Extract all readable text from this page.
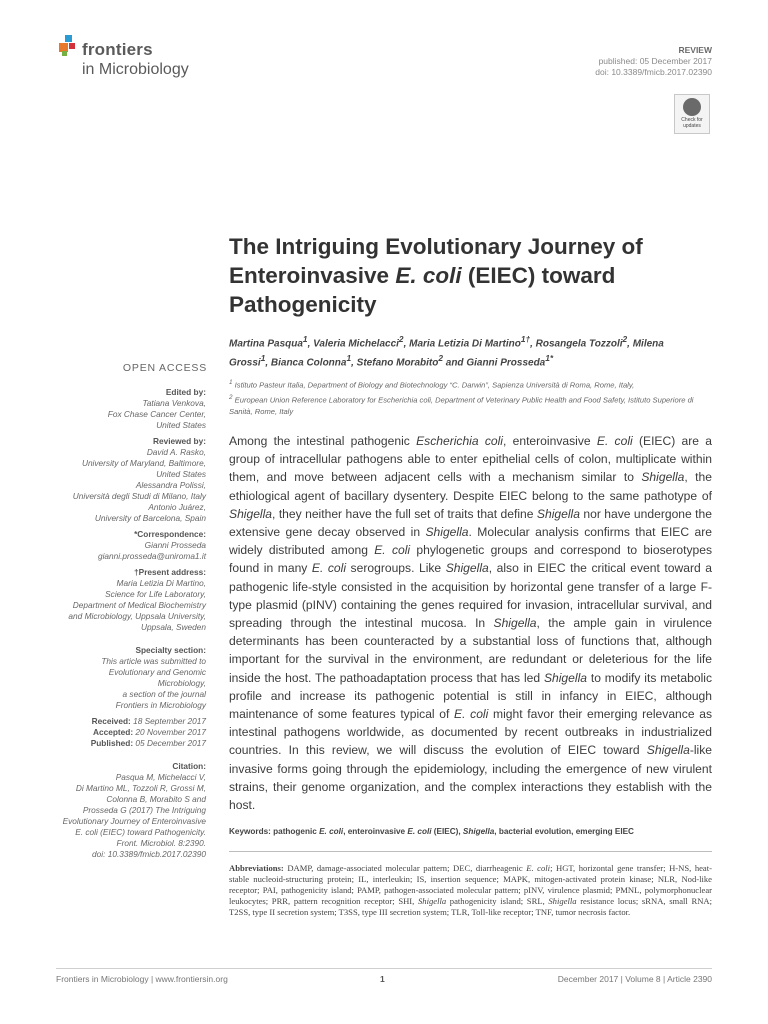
frontiers
in Microbiology
REVIEW
published: 05 December 2017
doi: 10.3389/fmicb.2017.02390
Check for
updates
The Intriguing Evolutionary Journey of Enteroinvasive E. coli (EIEC) toward Pathogenicity
Martina Pasqua$^1$, Valeria Michelacci$^2$, Maria Letizia Di Martino$^{1\dagger}$, Rosangela Tozzoli$^2$, Milena Grossi$^1$, Bianca Colonna$^1$, Stefano Morabito$^2$ and Gianni Prosseda$^{1*}$
$^1$ Istituto Pasteur Italia, Department of Biology and Biotechnology “C. Darwin”, Sapienza Università di Roma, Rome, Italy,
$^2$ European Union Reference Laboratory for Escherichia coli, Department of Veterinary Public Health and Food Safety, Istituto Superiore di Sanità, Rome, Italy
OPEN ACCESS
Edited by:
Tatiana Venkova,
Fox Chase Cancer Center,
United States
Reviewed by:
David A. Rasko,
University of Maryland, Baltimore,
United States
Alessandra Polissi,
Università degli Studi di Milano, Italy
Antonio Juárez,
University of Barcelona, Spain
*Correspondence:
Gianni Prosseda
gianni.prosseda@uniroma1.it
†Present address:
Maria Letizia Di Martino,
Science for Life Laboratory,
Department of Medical Biochemistry
and Microbiology, Uppsala University,
Uppsala, Sweden
Specialty section:
This article was submitted to
Evolutionary and Genomic
Microbiology,
a section of the journal
Frontiers in Microbiology
Received: 18 September 2017
Accepted: 20 November 2017
Published: 05 December 2017
Citation:
Pasqua M, Michelacci V,
Di Martino ML, Tozzoli R, Grossi M,
Colonna B, Morabito S and
Prosseda G (2017) The Intriguing
Evolutionary Journey of Enteroinvasive
E. coli (EIEC) toward Pathogenicity.
Front. Microbiol. 8:2390.
doi: 10.3389/fmicb.2017.02390
Among the intestinal pathogenic Escherichia coli, enteroinvasive E. coli (EIEC) are a group of intracellular pathogens able to enter epithelial cells of colon, multiplicate within them, and move between adjacent cells with a mechanism similar to Shigella, the ethiological agent of bacillary dysentery. Despite EIEC belong to the same pathotype of Shigella, they neither have the full set of traits that define Shigella nor have undergone the extensive gene decay observed in Shigella. Molecular analysis confirms that EIEC are widely distributed among E. coli phylogenetic groups and correspond to bioserotypes found in many E. coli serogroups. Like Shigella, also in EIEC the critical event toward a pathogenic life-style consisted in the acquisition by horizontal gene transfer of a large F-type plasmid (pINV) containing the genes required for invasion, intracellular survival, and spreading through the intestinal mucosa. In Shigella, the ample gain in virulence determinants has been counteracted by a substantial loss of functions that, although important for the survival in the environment, are redundant or deleterious for the life inside the host. The pathoadaptation process that has led Shigella to modify its metabolic profile and increase its pathogenic potential is still in infancy in EIEC, although maintenance of some features typical of E. coli might favor their emerging relevance as intestinal pathogens worldwide, as documented by recent outbreaks in industrialized countries. In this review, we will discuss the evolution of EIEC toward Shigella-like invasive forms going through the epidemiology, including the emergence of new virulent strains, their genome organization, and the complex interactions they establish with the host.
Keywords: pathogenic E. coli, enteroinvasive E. coli (EIEC), Shigella, bacterial evolution, emerging EIEC
Abbreviations: DAMP, damage-associated molecular pattern; DEC, diarrheagenic E. coli; HGT, horizontal gene transfer; H-NS, heat-stable nucleoid-structuring protein; IL, interleukin; IS, insertion sequence; MAPK, mitogen-activated protein kinase; NLR, Nod-like receptor; PAI, pathogenicity island; PAMP, pathogen-associated molecular pattern; pINV, virulence plasmid; PMNL, polymorphonuclear leukocytes; PRR, pattern recognition receptor; SHI, Shigella pathogenicity island; SRL, Shigella resistance locus; sRNA, small RNA; T2SS, type II secretion system; T3SS, type III secretion system; TLR, Toll-like receptor; TNF, tumor necrosis factor.
Frontiers in Microbiology | www.frontiersin.org	1	December 2017 | Volume 8 | Article 2390
